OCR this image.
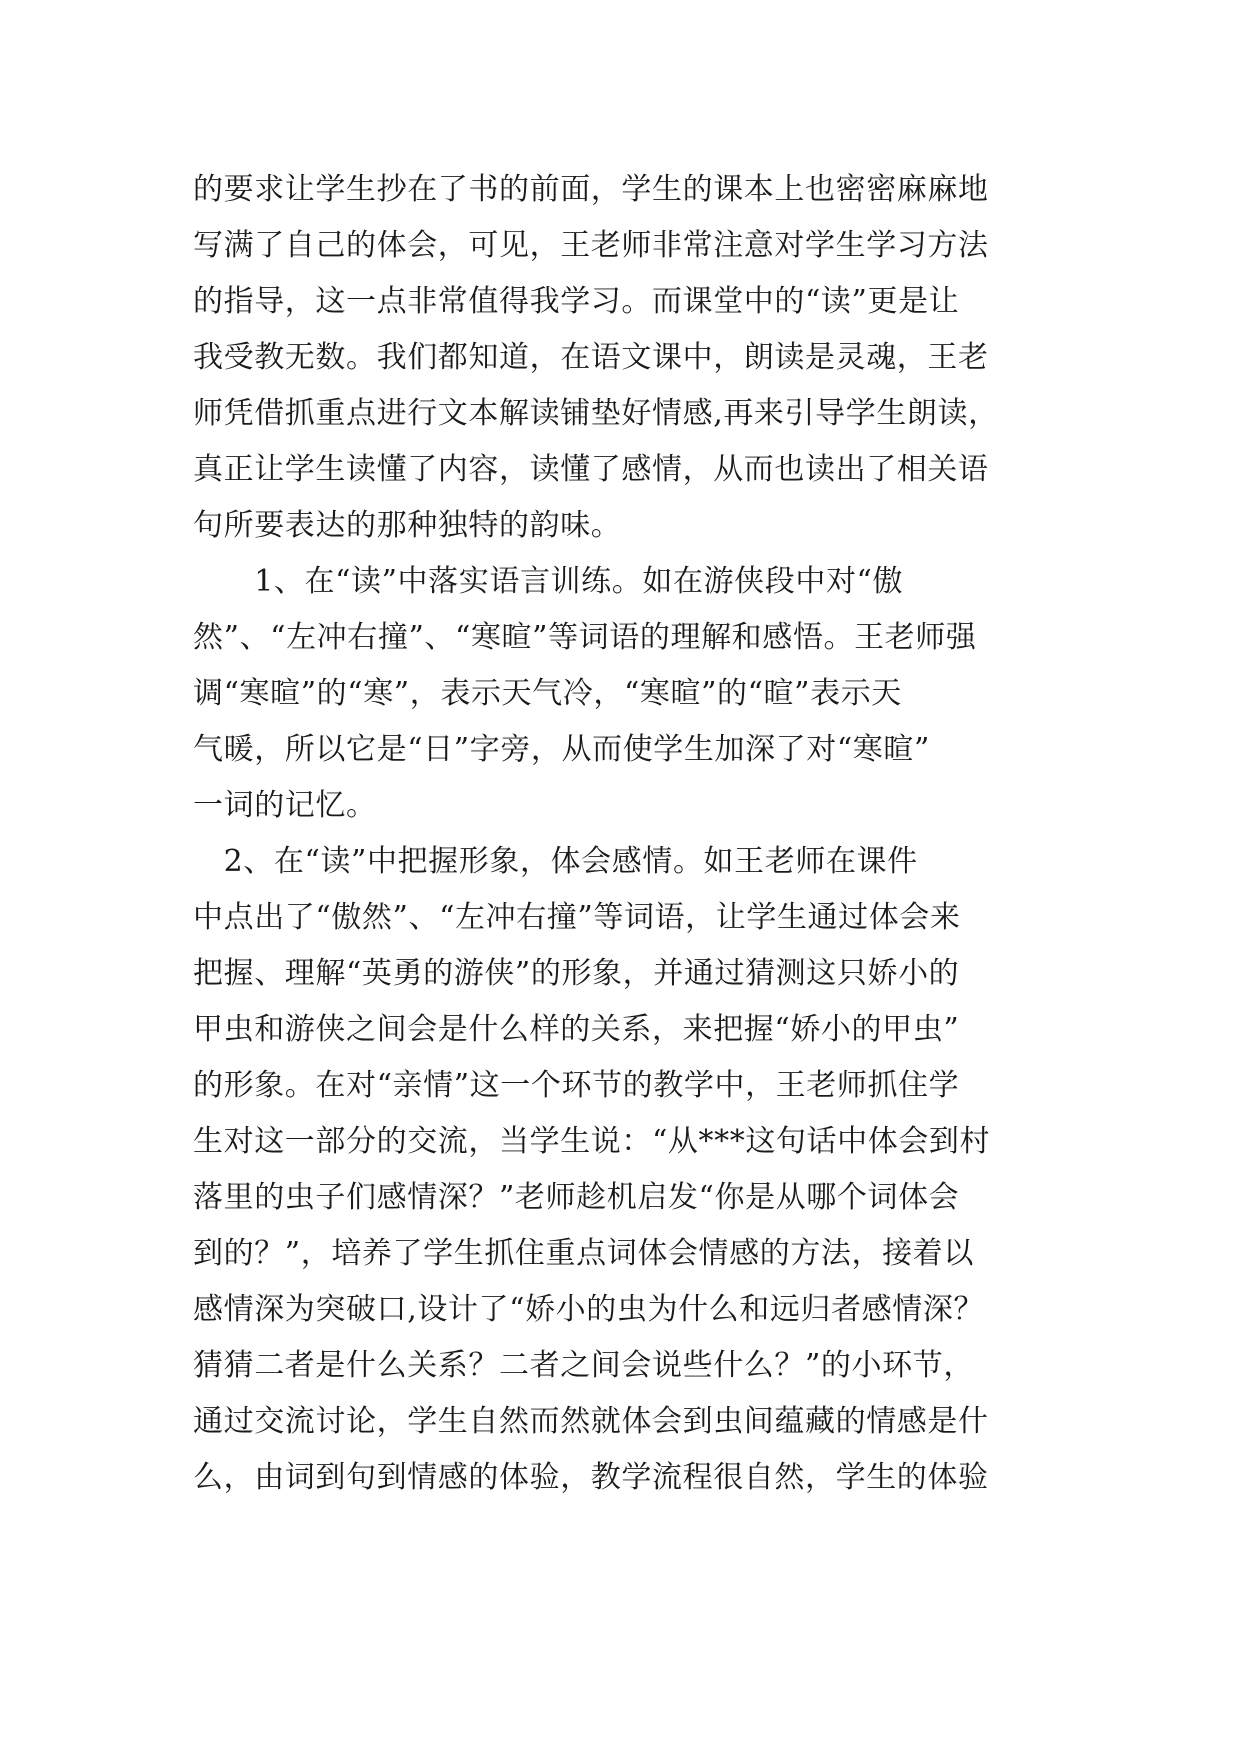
的要求让学生抄在了书的前面，学生的课本上也密密麻麻地
写满了自己的体会，可见，王老师非常注意对学生学习方法
的指导，这一点非常值得我学习。而课堂中的“读”更是让
我受教无数。我们都知道，在语文课中，朗读是灵魂，王老
师凭借抓重点进行文本解读铺垫好情感,再来引导学生朗读，
真正让学生读懂了内容，读懂了感情，从而也读出了相关语
句所要表达的那种独特的韵味。
　　1、在“读”中落实语言训练。如在游侠段中对“傲
然”、“左冲右撞”、“寒暄”等词语的理解和感悟。王老师强
调“寒暄”的“寒”，表示天气冷，“寒暄”的“暄”表示天
气暖，所以它是“日”字旁，从而使学生加深了对“寒暄”
一词的记忆。
　2、在“读”中把握形象，体会感情。如王老师在课件
中点出了“傲然”、“左冲右撞”等词语，让学生通过体会来
把握、理解“英勇的游侠”的形象，并通过猜测这只娇小的
甲虫和游侠之间会是什么样的关系，来把握“娇小的甲虫”
的形象。在对“亲情”这一个环节的教学中，王老师抓住学
生对这一部分的交流，当学生说：“从***这句话中体会到村
落里的虫子们感情深？”老师趁机启发“你是从哪个词体会
到的？”，培养了学生抓住重点词体会情感的方法，接着以
感情深为突破口,设计了“娇小的虫为什么和远归者感情深？
猜猜二者是什么关系？二者之间会说些什么？”的小环节，
通过交流讨论，学生自然而然就体会到虫间蕴藏的情感是什
么，由词到句到情感的体验，教学流程很自然，学生的体验
